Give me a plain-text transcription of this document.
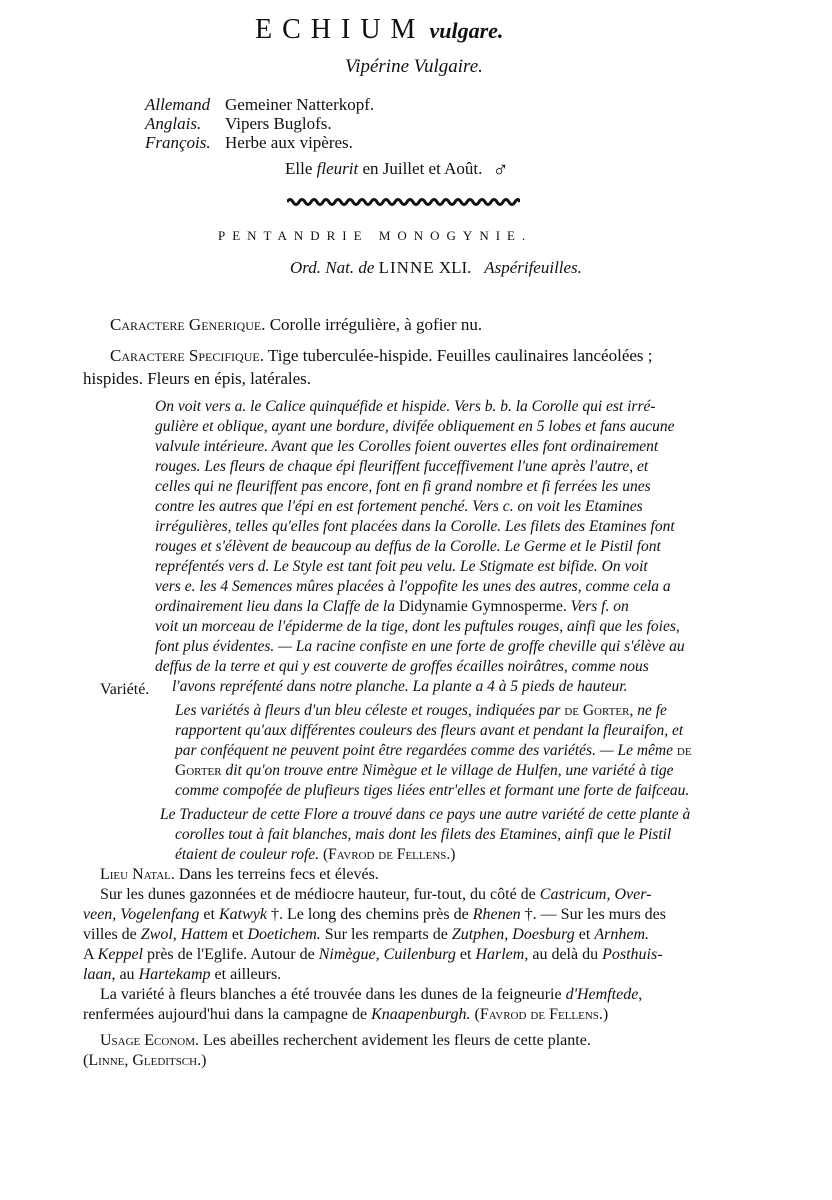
ECHIUM vulgare.
Vipérine Vulgaire.
Allemand Gemeiner Natterkopf.
Anglais.	Vipers Buglofs.
François. Herbe aux vipères.
Elle fleurit en Juillet et Août. ♂
PENTANDRIE MONOGYNIE.
Ord. Nat. de LINNE XLI. Aspérifeuilles.
Caractere Generique. Corolle irrégulière, à gofier nu.
Caractere Specifique. Tige tuberculée-hispide. Feuilles caulinaires lancéolées ;
hispides. Fleurs en épis, latérales.
On voit vers a. le Calice quinquéfide et hispide. Vers b. b. la Corolle qui est irré-
gulière et oblique, ayant une bordure, divifée obliquement en 5 lobes et fans aucune
valvule intérieure. Avant que les Corolles foient ouvertes elles font ordinairement
rouges. Les fleurs de chaque épi fleuriffent fucceffivement l'une après l'autre, et
celles qui ne fleuriffent pas encore, font en fi grand nombre et fi ferrées les unes
contre les autres que l'épi en est fortement penché. Vers c. on voit les Etamines
irrégulières, telles qu'elles font placées dans la Corolle. Les filets des Etamines font
rouges et s'élèvent de beaucoup au deffus de la Corolle. Le Germe et le Pistil font
repréfentés vers d. Le Style est tant foit peu velu. Le Stigmate est bifide. On voit
vers e. les 4 Semences mûres placées à l'oppofite les unes des autres, comme cela a
ordinairement lieu dans la Claffe de la Didynamie Gymnosperme. Vers f. on
voit un morceau de l'épiderme de la tige, dont les puftules rouges, ainfi que les foies,
font plus évidentes. — La racine confiste en une forte de groffe cheville qui s'élève au
deffus de la terre et qui y est couverte de groffes écailles noirâtres, comme nous
l'avons repréfenté dans notre planche. La plante a 4 à 5 pieds de hauteur.
Variété.
Les variétés à fleurs d'un bleu céleste et rouges, indiquées par de Gorter, ne fe
rapportent qu'aux différentes couleurs des fleurs avant et pendant la fleuraifon, et
par conféquent ne peuvent point être regardées comme des variétés. — Le même de
Gorter dit qu'on trouve entre Nimègue et le village de Hulfen, une variété à tige
comme compofée de plufieurs tiges liées entr'elles et formant une forte de faifceau.
Le Traducteur de cette Flore a trouvé dans ce pays une autre variété de cette plante à
corolles tout à fait blanches, mais dont les filets des Etamines, ainfi que le Pistil
étaient de couleur rofe. (Favrod de Fellens.)
Lieu Natal. Dans les terreins fecs et élevés.
Sur les dunes gazonnées et de médiocre hauteur, fur-tout, du côté de Castricum, Over-
veen, Vogelenfang et Katwyk †. Le long des chemins près de Rhenen †. — Sur les murs des
villes de Zwol, Hattem et Doetichem. Sur les remparts de Zutphen, Doesburg et Arnhem.
A Keppel près de l'Eglife. Autour de Nimègue, Cuilenburg et Harlem, au delà du Posthuis-
laan, au Hartekamp et ailleurs.
La variété à fleurs blanches a été trouvée dans les dunes de la feigneurie d'Hemftede,
renfermées aujourd'hui dans la campagne de Knaapenburgh. (Favrod de Fellens.)
Usage Econom. Les abeilles recherchent avidement les fleurs de cette plante.
(Linne, Gleditsch.)
